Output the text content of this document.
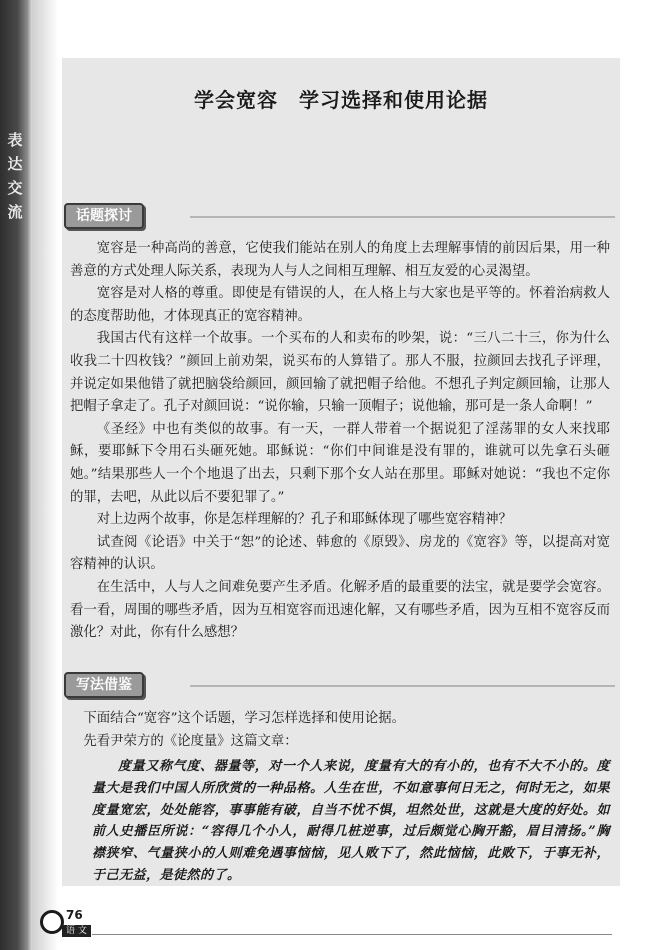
表
达
交
流
学会宽容　学习选择和使用论据
话题探讨

宽容是一种高尚的善意，它使我们能站在别人的角度上去理解事情的前因后果，用一种善意的方式处理人际关系，表现为人与人之间相互理解、相互友爱的心灵渴望。

宽容是对人格的尊重。即使是有错误的人，在人格上与大家也是平等的。怀着治病救人的态度帮助他，才体现真正的宽容精神。

我国古代有这样一个故事。一个买布的人和卖布的吵架，说：“三八二十三，你为什么收我二十四枚钱？”颜回上前劝架，说买布的人算错了。那人不服，拉颜回去找孔子评理，并说定如果他错了就把脑袋给颜回，颜回输了就把帽子给他。不想孔子判定颜回输，让那人把帽子拿走了。孔子对颜回说：“说你输，只输一顶帽子；说他输，那可是一条人命啊！”

《圣经》中也有类似的故事。有一天，一群人带着一个据说犯了淫荡罪的女人来找耶稣，要耶稣下令用石头砸死她。耶稣说：“你们中间谁是没有罪的，谁就可以先拿石头砸她。”结果那些人一个个地退了出去，只剩下那个女人站在那里。耶稣对她说：“我也不定你的罪，去吧，从此以后不要犯罪了。”

对上边两个故事，你是怎样理解的？孔子和耶稣体现了哪些宽容精神？

试查阅《论语》中关于“恕”的论述、韩愈的《原毁》、房龙的《宽容》等，以提高对宽容精神的认识。

在生活中，人与人之间难免要产生矛盾。化解矛盾的最重要的法宝，就是要学会宽容。看一看，周围的哪些矛盾，因为互相宽容而迅速化解，又有哪些矛盾，因为互相不宽容反而激化？对此，你有什么感想？

写法借鉴

下面结合“宽容”这个话题，学习怎样选择和使用论据。

先看尹荣方的《论度量》这篇文章：

度量又称气度、器量等，对一个人来说，度量有大的有小的，也有不大不小的。度量大是我们中国人所欣赏的一种品格。人生在世，不如意事何日无之，何时无之，如果度量宽宏，处处能容，事事能有破，自当不忧不惧，坦然处世，这就是大度的好处。如前人史播臣所说：“容得几个小人，耐得几桩逆事，过后颇觉心胸开豁，眉目清扬。”胸襟狭窄、气量狭小的人则难免遇事恼恼，见人败下了，然此恼恼，此败下，于事无补，于己无益，是徒然的了。

76
语 文
